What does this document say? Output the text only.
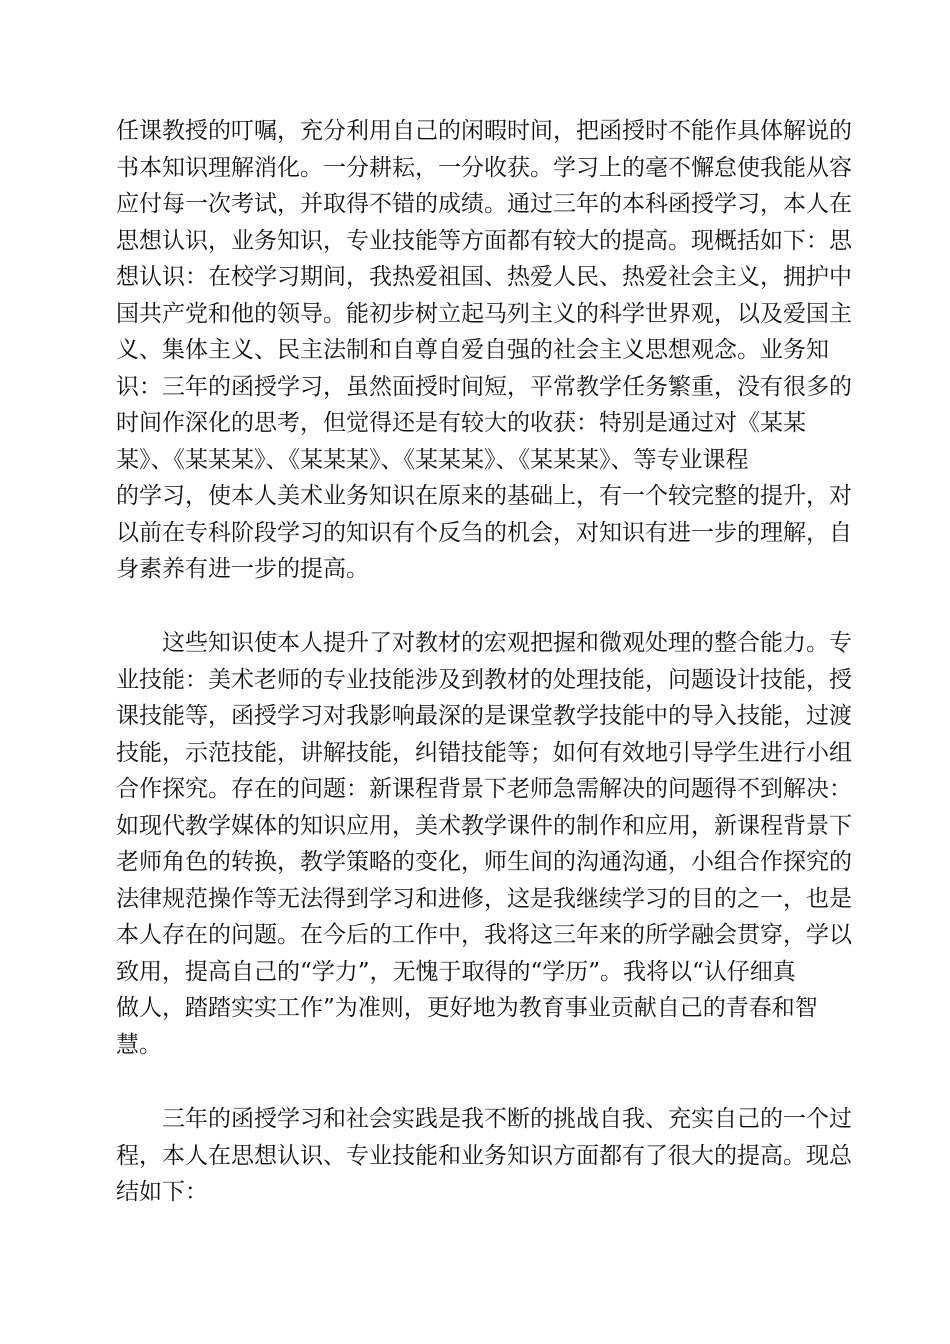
任课教授的叮嘱，充分利用自己的闲暇时间，把函授时不能作具体解说的
书本知识理解消化。一分耕耘，一分收获。学习上的毫不懈怠使我能从容
应付每一次考试，并取得不错的成绩。通过三年的本科函授学习，本人在
思想认识，业务知识，专业技能等方面都有较大的提高。现概括如下：思
想认识：在校学习期间，我热爱祖国、热爱人民、热爱社会主义，拥护中
国共产党和他的领导。能初步树立起马列主义的科学世界观，以及爱国主
义、集体主义、民主法制和自尊自爱自强的社会主义思想观念。业务知
识：三年的函授学习，虽然面授时间短，平常教学任务繁重，没有很多的
时间作深化的思考，但觉得还是有较大的收获：特别是通过对《某某
某》、《某某某》、《某某某》、《某某某》、《某某某》、等专业课程
的学习，使本人美术业务知识在原来的基础上，有一个较完整的提升，对
以前在专科阶段学习的知识有个反刍的机会，对知识有进一步的理解，自
身素养有进一步的提高。
　　这些知识使本人提升了对教材的宏观把握和微观处理的整合能力。专
业技能：美术老师的专业技能涉及到教材的处理技能，问题设计技能，授
课技能等，函授学习对我影响最深的是课堂教学技能中的导入技能，过渡
技能，示范技能，讲解技能，纠错技能等；如何有效地引导学生进行小组
合作探究。存在的问题：新课程背景下老师急需解决的问题得不到解决：
如现代教学媒体的知识应用，美术教学课件的制作和应用，新课程背景下
老师角色的转换，教学策略的变化，师生间的沟通沟通，小组合作探究的
法律规范操作等无法得到学习和进修，这是我继续学习的目的之一，也是
本人存在的问题。在今后的工作中，我将这三年来的所学融会贯穿，学以
致用，提高自己的“学力”，无愧于取得的“学历”。我将以“认仔细真
做人，踏踏实实工作”为准则，更好地为教育事业贡献自己的青春和智
慧。
　　三年的函授学习和社会实践是我不断的挑战自我、充实自己的一个过
程，本人在思想认识、专业技能和业务知识方面都有了很大的提高。现总
结如下：
